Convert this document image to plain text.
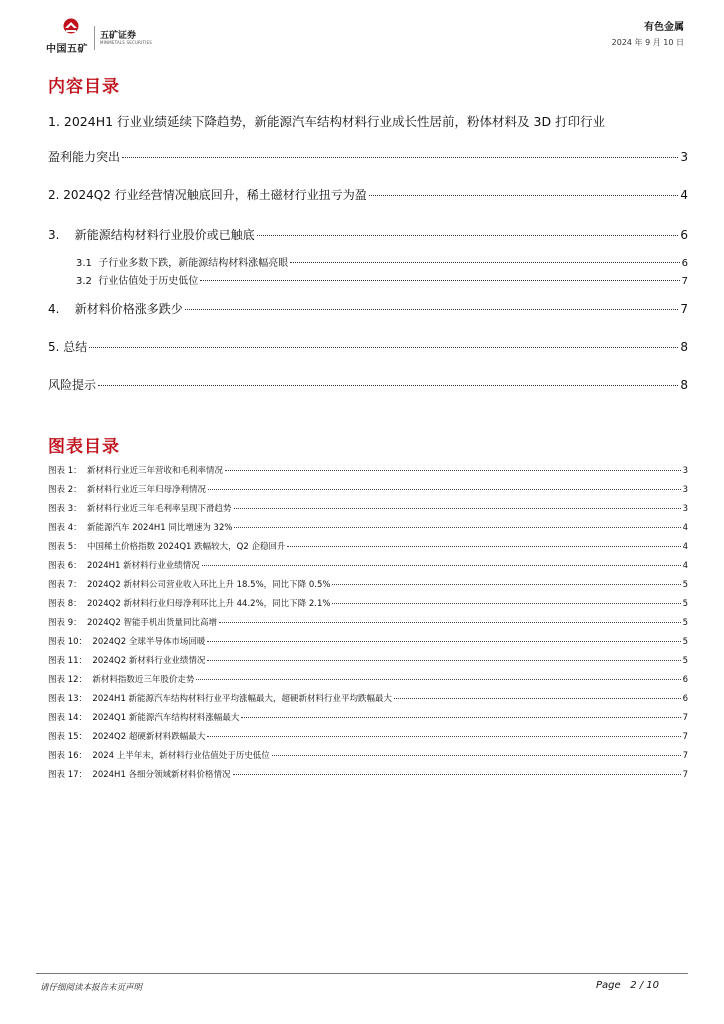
中国五矿
五矿证券
MINMETALS SECURITIES
有色金属
2024 年 9 月 10 日
内容目录
1. 2024H1 行业业绩延续下降趋势，新能源汽车结构材料行业成长性居前，粉体材料及 3D 打印行业
盈利能力突出	3
2. 2024Q2 行业经营情况触底回升，稀土磁材行业扭亏为盈	4
3.    新能源结构材料行业股价或已触底	6
3.1  子行业多数下跌，新能源结构材料涨幅亮眼	6
3.2  行业估值处于历史低位	7
4.    新材料价格涨多跌少	7
5. 总结	8
风险提示	8
图表目录
图表 1：  新材料行业近三年营收和毛利率情况	3
图表 2：  新材料行业近三年归母净利情况	3
图表 3：  新材料行业近三年毛利率呈现下滑趋势	3
图表 4：  新能源汽车 2024H1 同比增速为 32%	4
图表 5：  中国稀土价格指数 2024Q1 跌幅较大，Q2 企稳回升	4
图表 6：  2024H1 新材料行业业绩情况	4
图表 7：  2024Q2 新材料公司营业收入环比上升 18.5%，同比下降 0.5%	5
图表 8：  2024Q2 新材料行业归母净利环比上升 44.2%，同比下降 2.1%	5
图表 9：  2024Q2 智能手机出货量同比高增	5
图表 10：  2024Q2 全球半导体市场回暖	5
图表 11：  2024Q2 新材料行业业绩情况	5
图表 12：  新材料指数近三年股价走势	6
图表 13：  2024H1 新能源汽车结构材料行业平均涨幅最大，超硬新材料行业平均跌幅最大	6
图表 14：  2024Q1 新能源汽车结构材料涨幅最大	7
图表 15：  2024Q2 超硬新材料跌幅最大	7
图表 16：  2024 上半年末，新材料行业估值处于历史低位	7
图表 17：  2024H1 各细分领域新材料价格情况	7
请仔细阅读本报告末页声明	Page   2 / 10
